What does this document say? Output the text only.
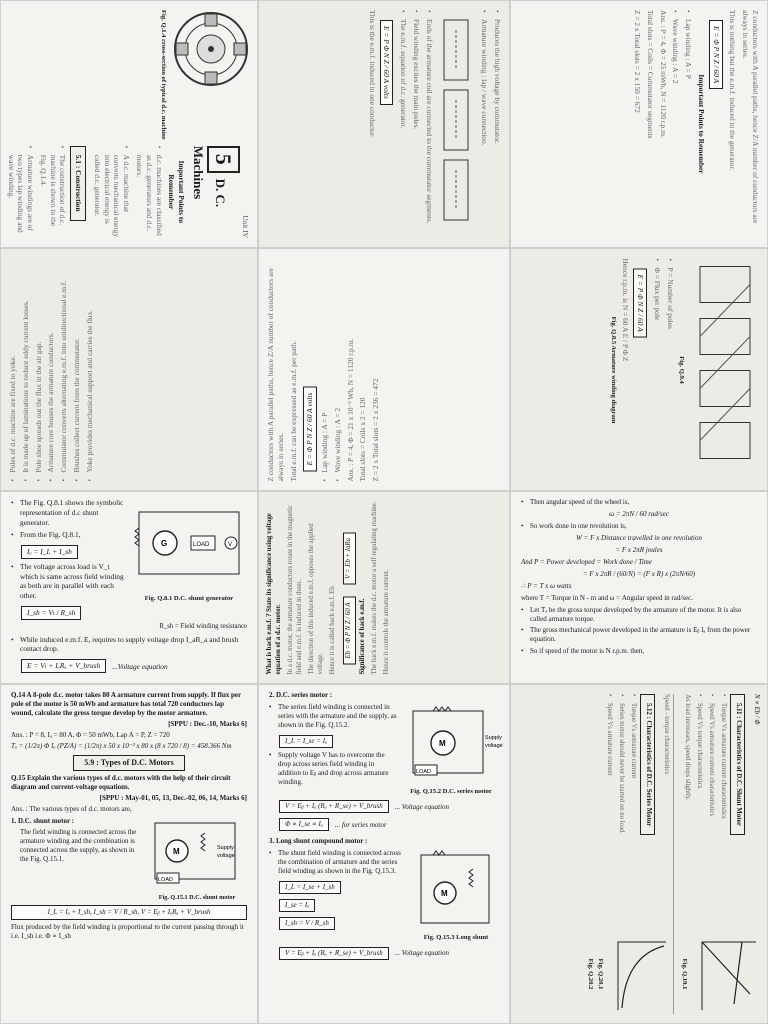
Fig. Q.1.4 cross-section of typical d.c. machine
Unit IV
5 D. C. Machines

Important Points to Remember

• d.c. machines are classified as d.c. generators and d.c. motors.

• A d.c. machine that converts mechanical energy into electrical energy is called d.c. generator.

5.1 : Construction

• The construction of d.c. machine is shown in the Fig. Q.1.4.

• Armature windings are of two types lap winding and wave winding.

• Produces the high voltage by commutator.

• Armature winding : lap / wave connection.

• Ends of the armature coil are connected to the commutator segments.

• Field winding excites the main poles.

• The e.m.f. equation of d.c. generator.

E = P Φ N Z / 60 A volts

This is the e.m.f. induced in one conductor.	Z conductors with A parallel paths, hence Z/A number of conductors are always in series.

This is nothing but the e.m.f. induced in the generator.

E = Φ P N Z / 60 A

Important Points to Remember

• Lap winding : A = P

• Wave winding : A = 2

Ans. : P = 4, Φ = 25 mWb, N = 1120 r.p.m.

Total slots = Coils = Commutator segments

Z = 2 x Total slots = 2 x 150 = 672

• Poles of d.c. machine are fixed to yoke. • It is made up of laminations to reduce eddy current losses. • Pole shoe spreads out the flux in the air gap. • Armature core houses the armature conductors. • Commutator converts alternating e.m.f. into unidirectional e.m.f. • Brushes collect current from the commutator. • Yoke provides mechanical support and carries the flux.	Z conductors with A parallel paths, hence Z/A number of conductors are always in series. Total e.m.f. can be expressed as e.m.f. per path. E = Φ P N Z / 60 A volts • Lap winding : A = P • Wave winding : A = 2 Ans. : P = 4, Φ = 21 x 10⁻³ Wb, N = 1120 r.p.m. Total slots = Coils x 2 = 120 Z = 2 x Total slots = 2 x 236 = 472

Fig. Q.9.4

• P = Number of poles

• Φ = Flux per pole

E = P Φ N Z / 60 A

Hence r.p.m. is N = 60 A E / P Φ Z

Fig. Q.8.5 Armature winding diagram

• The Fig. Q.8.1 shows the symbolic representation of d.c shunt generator.

• From the Fig. Q.8.1,

Iₐ = I_L + I_sh

• The voltage across load is V_t which is same across field winding as both are in parallel with each other.

I_sh = Vₜ / R_sh
G	LOAD	V
Fig. Q.8.1 D.C. shunt generator

R_sh = Field winding resistance

• While induced e.m.f. E, requires to supply voltage drop I_aR_a and brush contact drop.

E = Vₜ + IₐRₐ + V_brush	...Voltage equation	What is back e.m.f. ? State its significance using voltage equation of a d.c. motor. In a d.c. motor, the armature conductors rotate in the magnetic field and e.m.f. is induced in them. The direction of this induced e.m.f. opposes the applied voltage. Hence it is called back e.m.f. Eb. Eb = Φ P N Z / 60 A V = Eb + IaRa

Significance of back e.m.f. The back e.m.f. makes the d.c. motor a self regulating machine. Hence it controls the armature current.

• Then angular speed of the wheel is,

ω = 2πN / 60 rad/sec

• So work done in one revolution is,

W = F x Distance travelled in one revolution

= F x 2πR joules

And P = Power developed = Work done / Time

= F x 2πR / (60/N) = (F x R) x (2πN/60)

∴ P = T x ω watts

where T = Torque in N - m and ω = Angular speed in rad/sec.

• Let Tₐ be the gross torque developed by the armature of the motor. It is also called armature torque.

• The gross mechanical power developed in the armature is Eᵦ Iₐ from the power equation.

• So if speed of the motor is N r.p.m. then,

2. D.C. series motor :

• The series field winding is connected in series with the armature and the supply, as shown in the Fig. Q.15.2.

I_L = I_se = Iₐ

• Supply voltage V has to overcome the drop across series field winding in addition to Eᵦ and drop across armature winding.

M
LOAD
Supply
voltage
Fig. Q.15.2 D.C. series motor
V = Eᵦ + Iₐ (Rₐ + R_se) + V_brush	... Voltage equation
Φ ∝ I_se ∝ Iₐ	... for series motor

3. Long shunt compound motor :

• The shunt field winding is connected across the combination of armature and the series field winding as shown in the Fig. Q.15.3.

I_L = I_se + I_sh
I_se = Iₐ
I_sh = V / R_sh
M
Fig. Q.15.3 Long shunt
V = Eᵦ + Iₐ (Rₐ + R_se) + V_brush	... Voltage equation

N ∝ Eb / Φ

5.11 : Characteristics of D.C. Shunt Motor

• Torque Vs armature current characteristics

• Speed Vs armature current characteristics

• Speed Vs torque characteristics

As load increases, speed drops slightly.

Fig. Q.19.1

Speed - torque characteristics

5.12 : Characteristics of D.C. Series Motor

• Torque Vs armature current

• Series motor should never be started on no load.

• Speed Vs armature current

Fig. Q.20.1
Fig. Q.20.2

Q.14 A 8-pole d.c. motor takes 80 A armature current from supply. If flux per pole of the motor is 50 mWb and armature has total 720 conductors lap wound, calculate the gross torque develop by the motor armature.

[SPPU : Dec.-10, Marks 6]

Ans. : P = 8, Iₐ = 80 A, Φ = 50 mWb, Lap A = P, Z = 720

Tₐ = (1/2π) Φ Iₐ (PZ/A) = (1/2π) x 50 x 10⁻³ x 80 x (8 x 720 / 8) = 458.366 Nm

5.9 : Types of D.C. Motors

Q.15 Explain the various types of d.c. motors with the help of their circuit diagram and current-voltage equations.

[SPPU : May-01, 05, 13, Dec.-02, 06, 14, Marks 6]

Ans. : The various types of d.c. motors are,

1. D.C. shunt motor :

The field winding is connected across the armature winding and the combination is connected across the supply, as shown in the Fig. Q.15.1.

M
LOAD
Supply
voltage
Fig. Q.15.1 D.C. shunt motor
I_L = Iₐ + I_sh, I_sh = V / R_sh, V = Eᵦ + IₐRₐ + V_brush

Flux produced by the field winding is proportional to the current passing through it i.e. I_sh i.e. Φ ∝ I_sh
